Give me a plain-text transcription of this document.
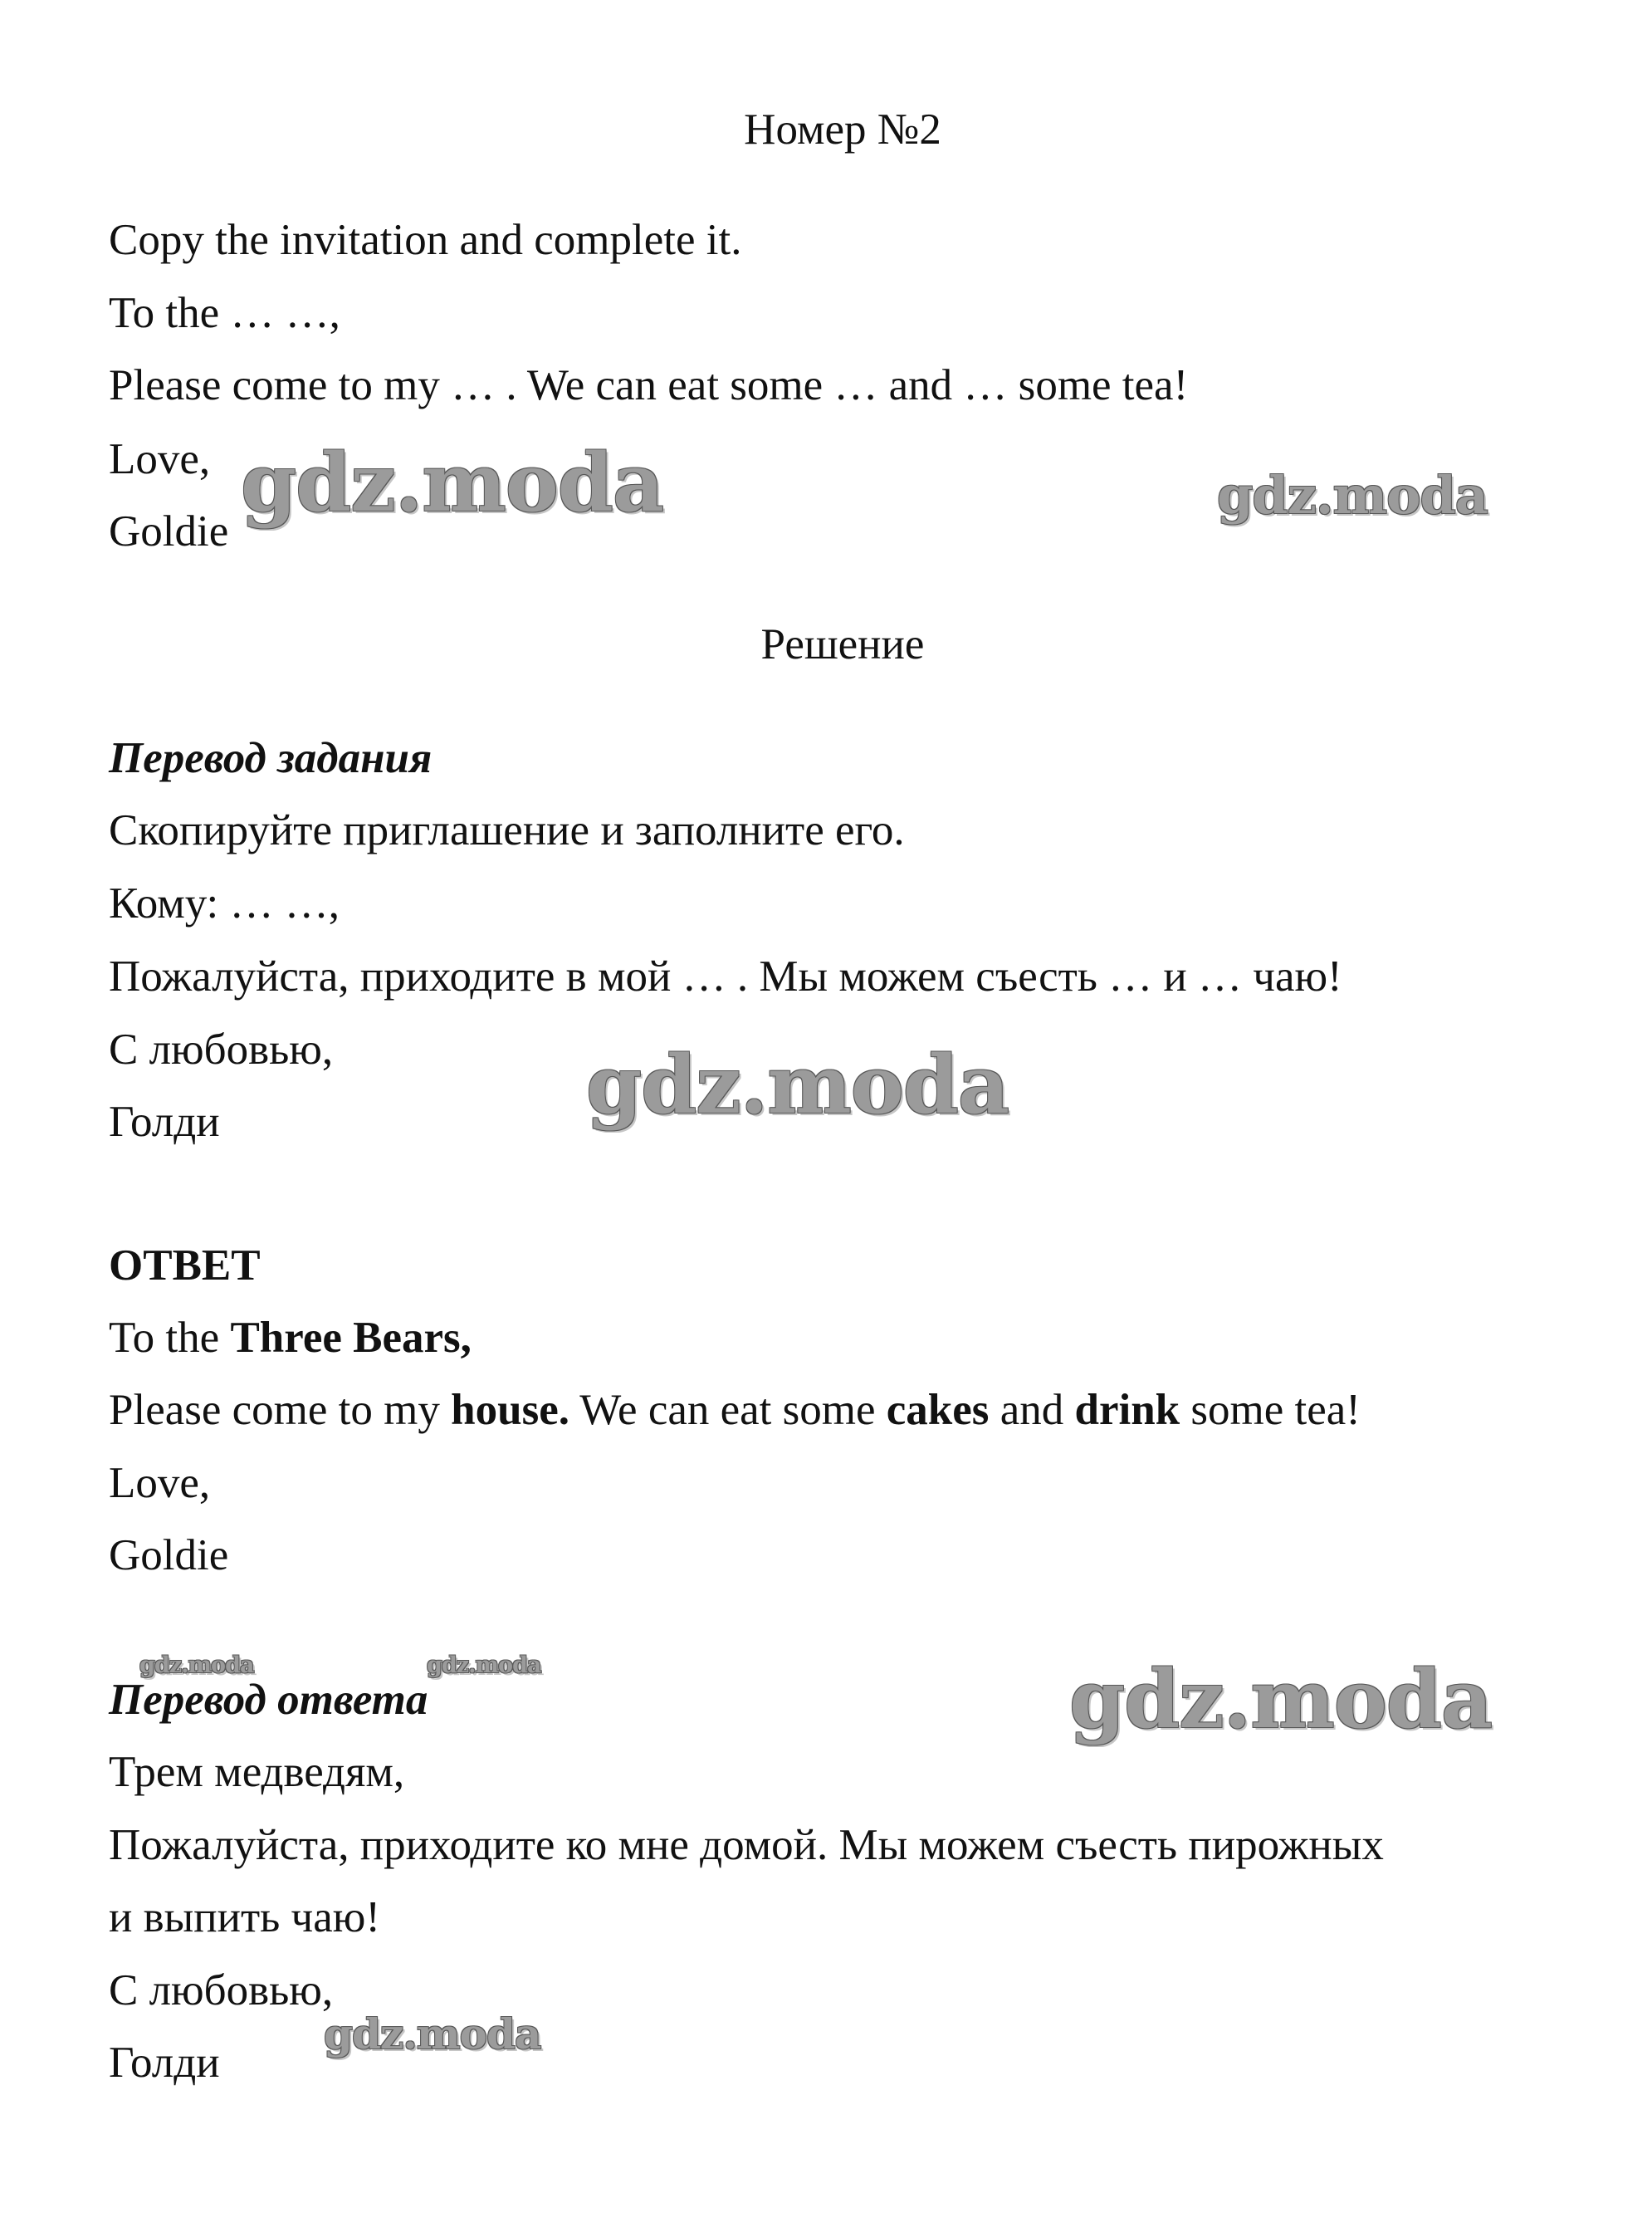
Номер №2
Copy the invitation and complete it.
To the … …,
Please come to my … . We can eat some … and … some tea!
Love,
Goldie
Решение
Перевод задания
Скопируйте приглашение и заполните его.
Кому: … …,
Пожалуйста, приходите в мой … . Мы можем съесть … и … чаю!
С любовью,
Голди
ОТВЕТ
To the Three Bears,
Please come to my house. We can eat some cakes and drink some tea!
Love,
Goldie
Перевод ответа
Трем медведям,
Пожалуйста, приходите ко мне домой. Мы можем съесть пирожных
и выпить чаю!
С любовью,
Голди
gdz.moda	gdz.moda
gdz.moda
gdz.moda	gdz.moda	gdz.moda
gdz.moda
